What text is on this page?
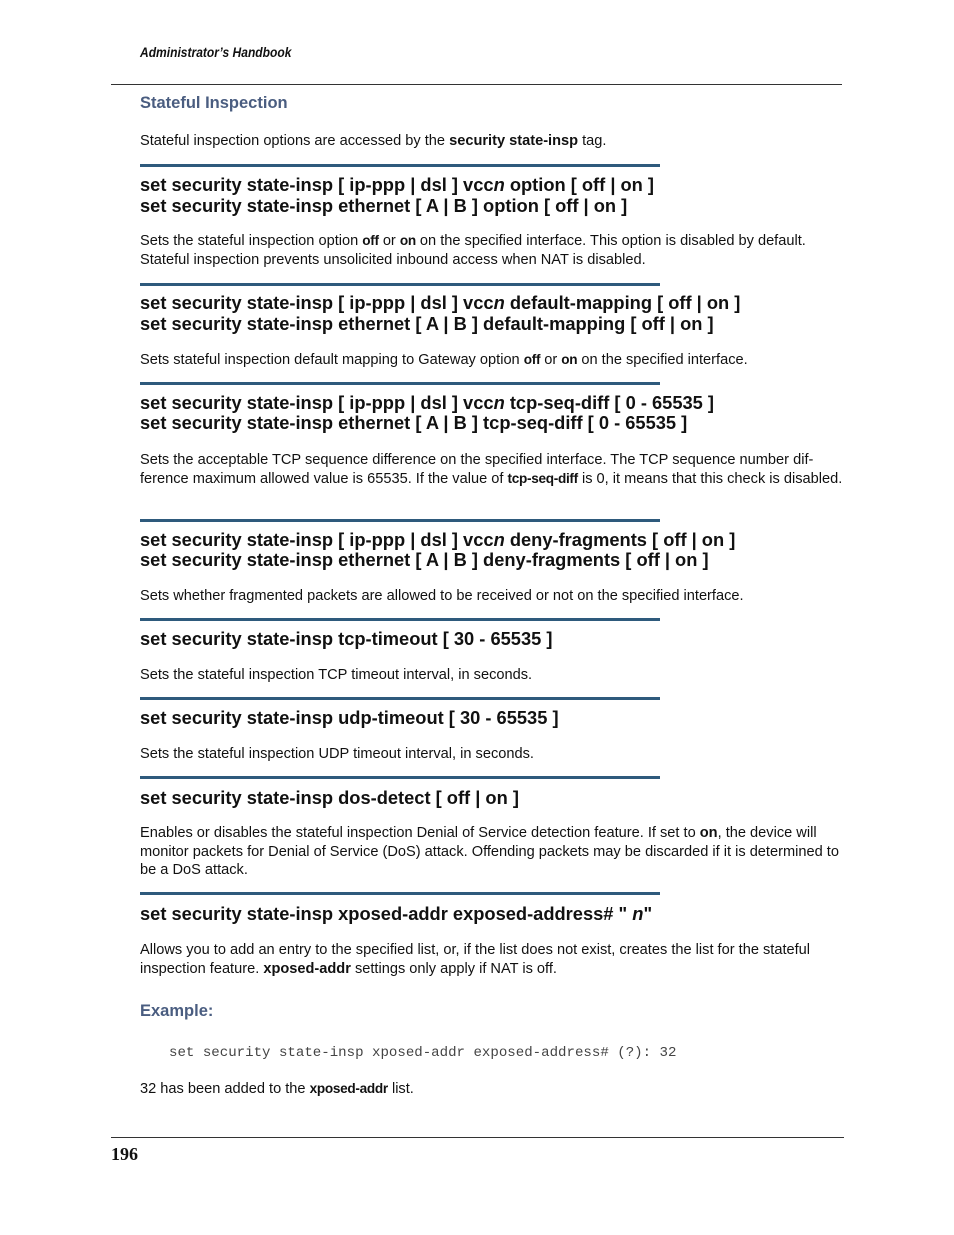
Administrator’s Handbook
Stateful Inspection
Stateful inspection options are accessed by the security state-insp tag.
set security state-insp [ ip-ppp | dsl ] vccn option [ off | on ]
set security state-insp ethernet [ A | B ] option [ off | on ]
Sets the stateful inspection option off or on on the specified interface. This option is disabled by default. Stateful inspection prevents unsolicited inbound access when NAT is disabled.
set security state-insp [ ip-ppp | dsl ] vccn default-mapping [ off | on ]
set security state-insp ethernet [ A | B ] default-mapping [ off | on ]
Sets stateful inspection default mapping to Gateway option off or on on the specified interface.
set security state-insp [ ip-ppp | dsl ] vccn tcp-seq-diff [ 0 - 65535 ]
set security state-insp ethernet [ A | B ] tcp-seq-diff [ 0 - 65535 ]
Sets the acceptable TCP sequence difference on the specified interface. The TCP sequence number dif-ference maximum allowed value is 65535. If the value of tcp-seq-diff is 0, it means that this check is disabled.
set security state-insp [ ip-ppp | dsl ] vccn deny-fragments [ off | on ]
set security state-insp ethernet [ A | B ] deny-fragments [ off | on ]
Sets whether fragmented packets are allowed to be received or not on the specified interface.
set security state-insp tcp-timeout [ 30 - 65535 ]
Sets the stateful inspection TCP timeout interval, in seconds.
set security state-insp udp-timeout [ 30 - 65535 ]
Sets the stateful inspection UDP timeout interval, in seconds.
set security state-insp dos-detect [ off | on ]
Enables or disables the stateful inspection Denial of Service detection feature. If set to on, the device will monitor packets for Denial of Service (DoS) attack. Offending packets may be discarded if it is determined to be a DoS attack.
set security state-insp xposed-addr exposed-address# " n"
Allows you to add an entry to the specified list, or, if the list does not exist, creates the list for the stateful inspection feature. xposed-addr settings only apply if NAT is off.
Example:
set security state-insp xposed-addr exposed-address# (?): 32
32 has been added to the xposed-addr list.
196
